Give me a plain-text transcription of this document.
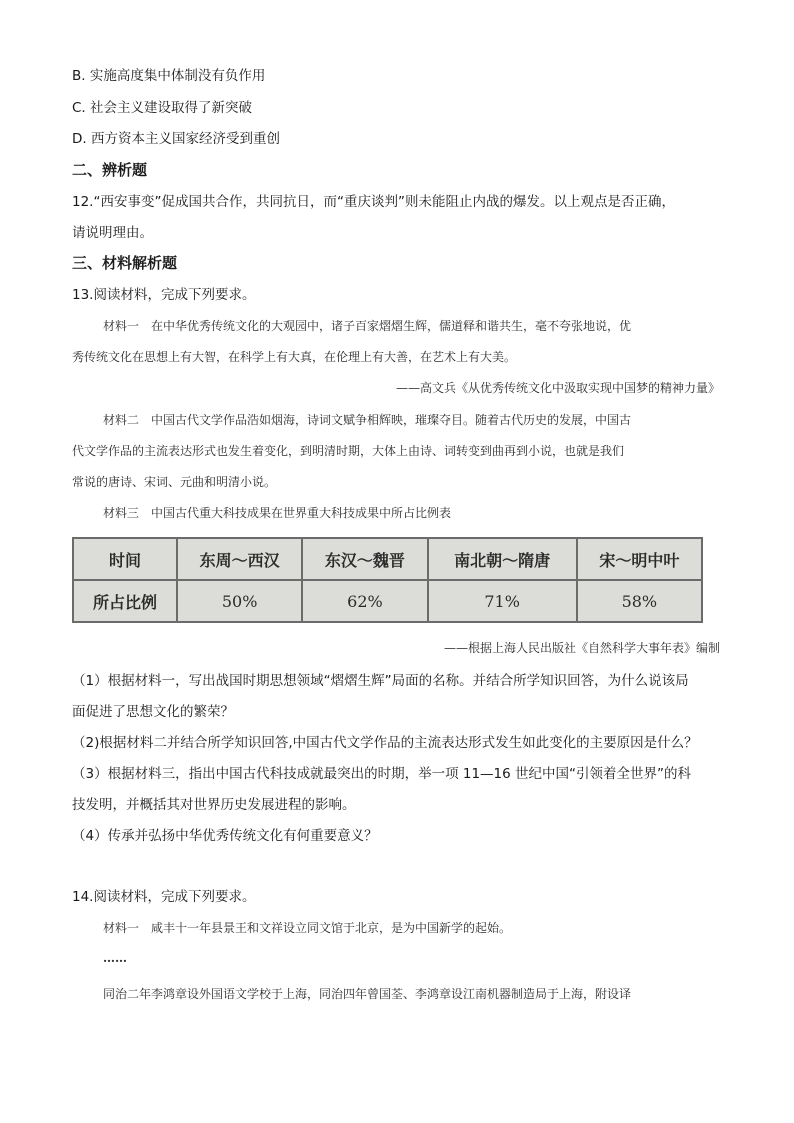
B. 实施高度集中体制没有负作用
C. 社会主义建设取得了新突破
D. 西方资本主义国家经济受到重创
二、辨析题
12.“西安事变”促成国共合作，共同抗日，而“重庆谈判”则未能阻止内战的爆发。以上观点是否正确，
请说明理由。
三、材料解析题
13.阅读材料，完成下列要求。
材料一　在中华优秀传统文化的大观园中，诸子百家熠熠生辉，儒道释和谐共生，毫不夸张地说，优
秀传统文化在思想上有大智，在科学上有大真，在伦理上有大善，在艺术上有大美。
——高文兵《从优秀传统文化中汲取实现中国梦的精神力量》
材料二　中国古代文学作品浩如烟海，诗词文赋争相辉映，璀璨夺目。随着古代历史的发展，中国古
代文学作品的主流表达形式也发生着变化，到明清时期，大体上由诗、词转变到曲再到小说，也就是我们
常说的唐诗、宋词、元曲和明清小说。
材料三　中国古代重大科技成果在世界重大科技成果中所占比例表
时间	东周～西汉	东汉～魏晋	南北朝～隋唐	宋～明中叶
所占比例	50%	62%	71%	58%
——根据上海人民出版社《自然科学大事年表》编制
（1）根据材料一，写出战国时期思想领域“熠熠生辉”局面的名称。并结合所学知识回答，为什么说该局
面促进了思想文化的繁荣？
（2)根据材料二并结合所学知识回答,中国古代文学作品的主流表达形式发生如此变化的主要原因是什么？
（3）根据材料三，指出中国古代科技成就最突出的时期，举一项 11—16 世纪中国“引领着全世界”的科
技发明，并概括其对世界历史发展进程的影响。
（4）传承并弘扬中华优秀传统文化有何重要意义？
14.阅读材料，完成下列要求。
材料一　咸丰十一年县景王和文祥设立同文馆于北京，是为中国新学的起始。
……
同治二年李鸿章设外国语文学校于上海，同治四年曾国荃、李鸿章设江南机器制造局于上海，附设译
